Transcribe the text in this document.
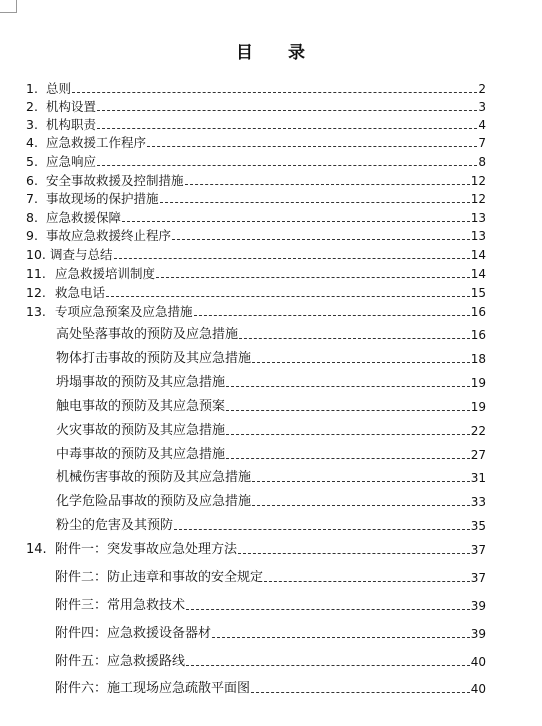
目 录
1. 总则	2
2. 机构设置	3
3. 机构职责	4
4. 应急救援工作程序	7
5. 应急响应	8
6. 安全事故救援及控制措施	12
7. 事故现场的保护措施	12
8. 应急救援保障	13
9. 事故应急救援终止程序	13
10. 调查与总结	14
11. 应急救援培训制度	14
12. 救急电话	15
13. 专项应急预案及应急措施	16
高处坠落事故的预防及应急措施	16
物体打击事故的预防及其应急措施	18
坍塌事故的预防及其应急措施	19
触电事故的预防及其应急预案	19
火灾事故的预防及其应急措施	22
中毒事故的预防及其应急措施	27
机械伤害事故的预防及其应急措施	31
化学危险品事故的预防及应急措施	33
粉尘的危害及其预防	35
14. 附件一：突发事故应急处理方法	37
附件二：防止违章和事故的安全规定	37
附件三：常用急救技术	39
附件四：应急救援设备器材	39
附件五：应急救援路线	40
附件六：施工现场应急疏散平面图	40
